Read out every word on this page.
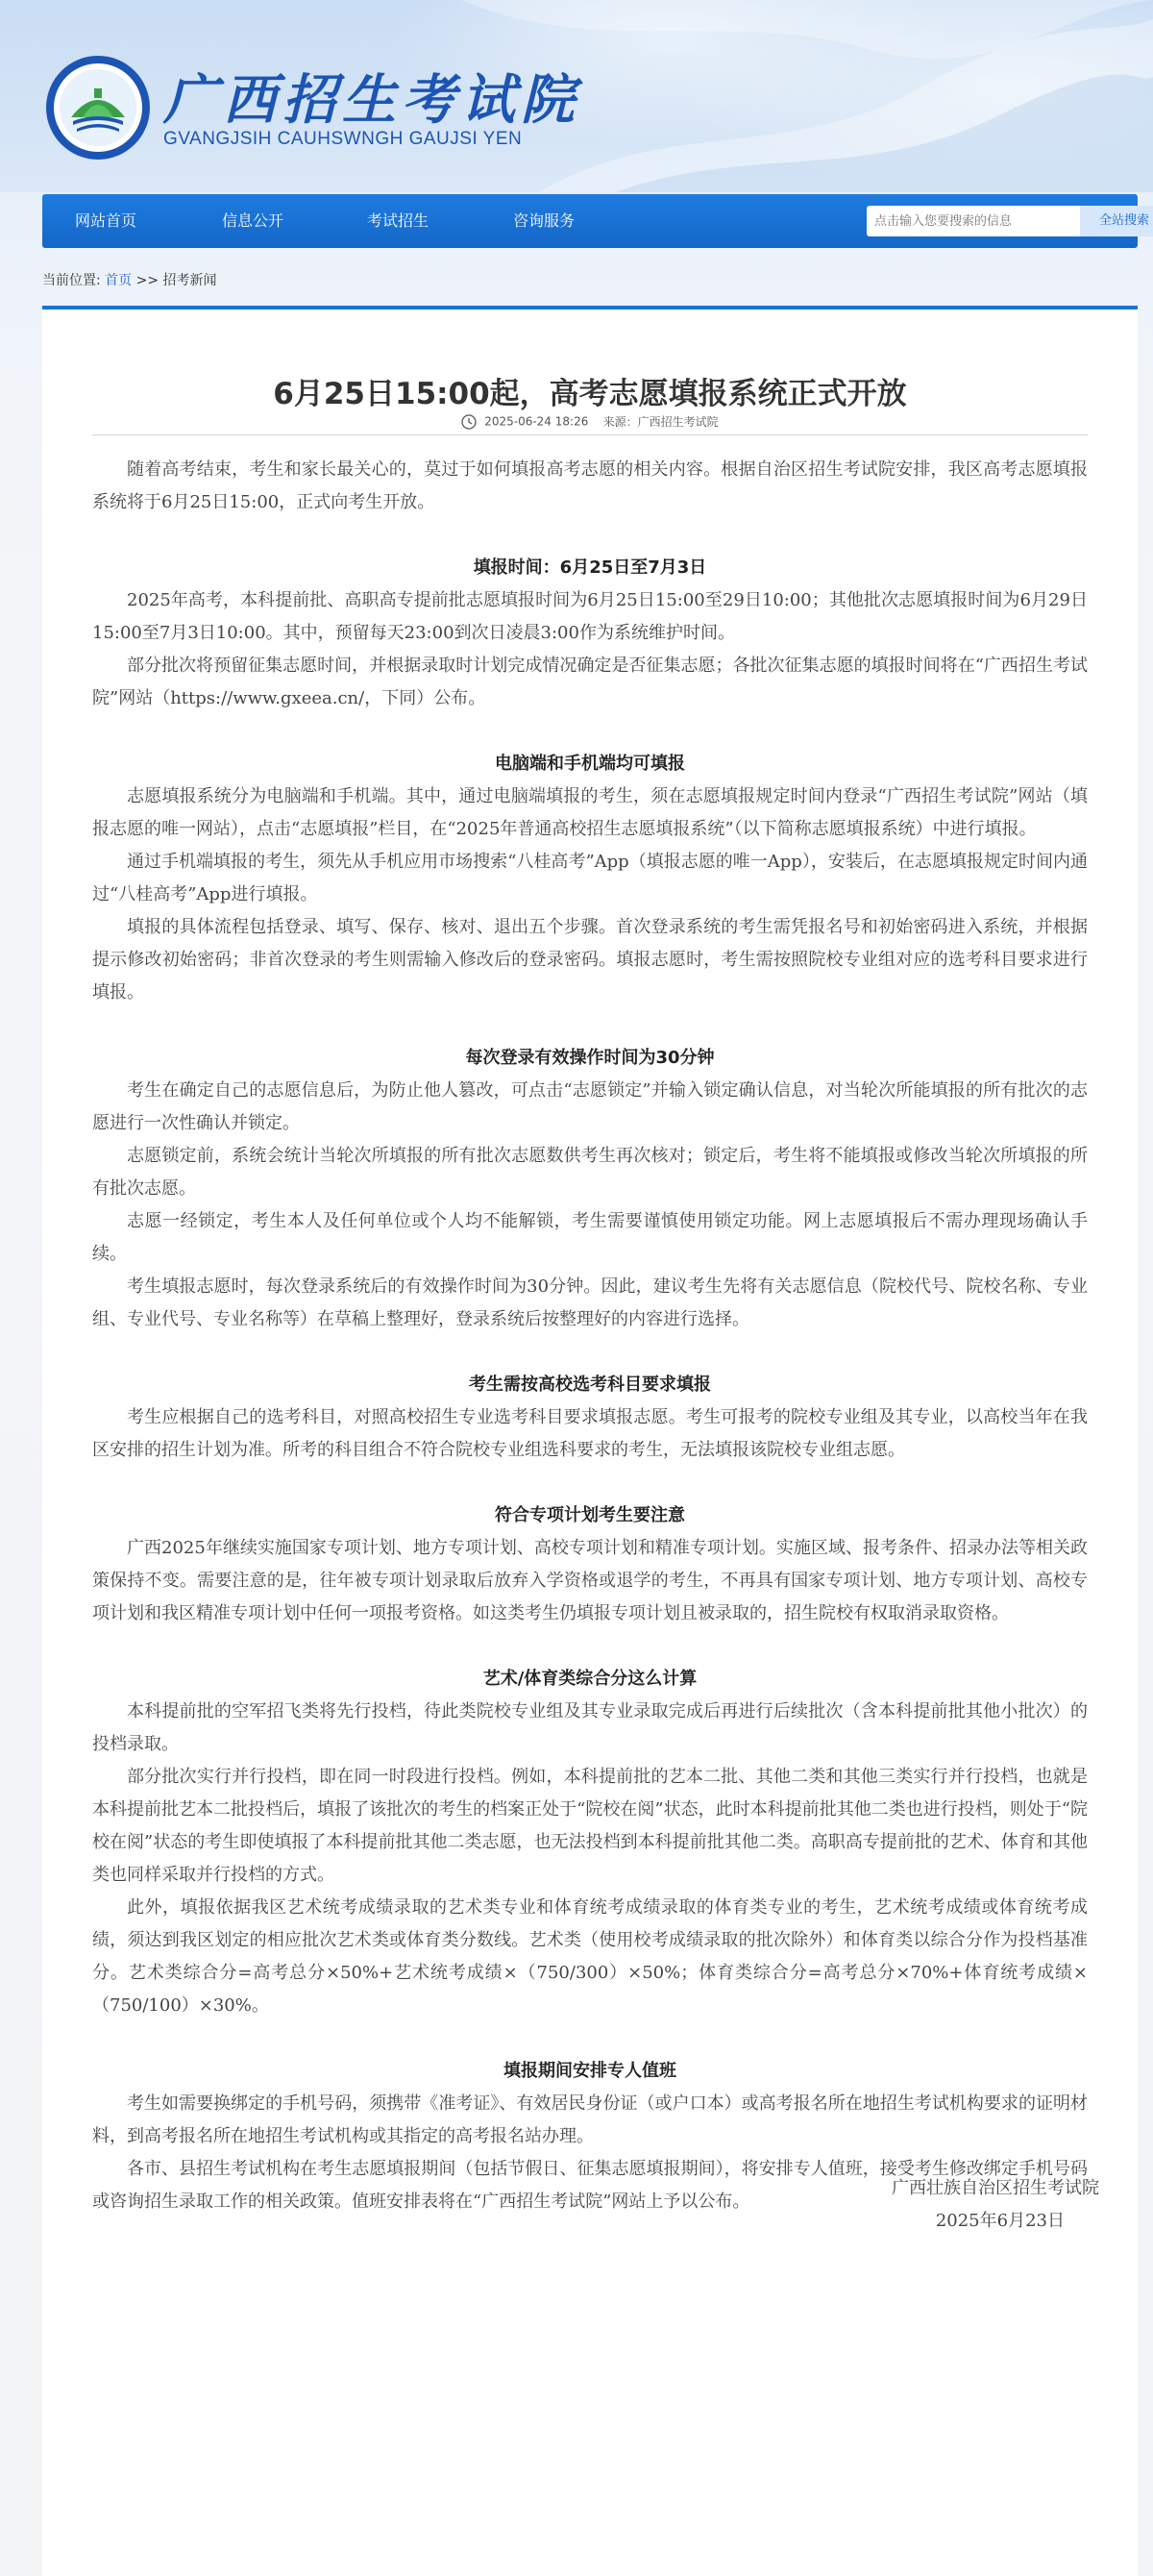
广西招生考试院
GVANGJSIH CAUHSWNGH GAUJSI YEN
网站首页	信息公开	考试招生	咨询服务
点击输入您要搜索的信息	全站搜索
当前位置: 首页 >> 招考新闻
6月25日15:00起，高考志愿填报系统正式开放
2025-06-24 18:26 来源：广西招生考试院
随着高考结束，考生和家长最关心的，莫过于如何填报高考志愿的相关内容。根据自治区招生考试院安排，我区高考志愿填报系统将于6月25日15:00，正式向考生开放。
填报时间：6月25日至7月3日
2025年高考，本科提前批、高职高专提前批志愿填报时间为6月25日15:00至29日10:00；其他批次志愿填报时间为6月29日15:00至7月3日10:00。其中，预留每天23:00到次日凌晨3:00作为系统维护时间。
部分批次将预留征集志愿时间，并根据录取时计划完成情况确定是否征集志愿；各批次征集志愿的填报时间将在“广西招生考试院”网站（https://www.gxeea.cn/，下同）公布。
电脑端和手机端均可填报
志愿填报系统分为电脑端和手机端。其中，通过电脑端填报的考生，须在志愿填报规定时间内登录“广西招生考试院”网站（填报志愿的唯一网站），点击“志愿填报”栏目，在“2025年普通高校招生志愿填报系统”（以下简称志愿填报系统）中进行填报。
通过手机端填报的考生，须先从手机应用市场搜索“八桂高考”App（填报志愿的唯一App），安装后，在志愿填报规定时间内通过“八桂高考”App进行填报。
填报的具体流程包括登录、填写、保存、核对、退出五个步骤。首次登录系统的考生需凭报名号和初始密码进入系统，并根据提示修改初始密码；非首次登录的考生则需输入修改后的登录密码。填报志愿时，考生需按照院校专业组对应的选考科目要求进行填报。
每次登录有效操作时间为30分钟
考生在确定自己的志愿信息后，为防止他人篡改，可点击“志愿锁定”并输入锁定确认信息，对当轮次所能填报的所有批次的志愿进行一次性确认并锁定。
志愿锁定前，系统会统计当轮次所填报的所有批次志愿数供考生再次核对；锁定后，考生将不能填报或修改当轮次所填报的所有批次志愿。
志愿一经锁定，考生本人及任何单位或个人均不能解锁，考生需要谨慎使用锁定功能。网上志愿填报后不需办理现场确认手续。
考生填报志愿时，每次登录系统后的有效操作时间为30分钟。因此，建议考生先将有关志愿信息（院校代号、院校名称、专业组、专业代号、专业名称等）在草稿上整理好，登录系统后按整理好的内容进行选择。
考生需按高校选考科目要求填报
考生应根据自己的选考科目，对照高校招生专业选考科目要求填报志愿。考生可报考的院校专业组及其专业，以高校当年在我区安排的招生计划为准。所考的科目组合不符合院校专业组选科要求的考生，无法填报该院校专业组志愿。
符合专项计划考生要注意
广西2025年继续实施国家专项计划、地方专项计划、高校专项计划和精准专项计划。实施区域、报考条件、招录办法等相关政策保持不变。需要注意的是，往年被专项计划录取后放弃入学资格或退学的考生，不再具有国家专项计划、地方专项计划、高校专项计划和我区精准专项计划中任何一项报考资格。如这类考生仍填报专项计划且被录取的，招生院校有权取消录取资格。
艺术/体育类综合分这么计算
本科提前批的空军招飞类将先行投档，待此类院校专业组及其专业录取完成后再进行后续批次（含本科提前批其他小批次）的投档录取。
部分批次实行并行投档，即在同一时段进行投档。例如，本科提前批的艺本二批、其他二类和其他三类实行并行投档，也就是本科提前批艺本二批投档后，填报了该批次的考生的档案正处于“院校在阅”状态，此时本科提前批其他二类也进行投档，则处于“院校在阅”状态的考生即使填报了本科提前批其他二类志愿，也无法投档到本科提前批其他二类。高职高专提前批的艺术、体育和其他类也同样采取并行投档的方式。
此外，填报依据我区艺术统考成绩录取的艺术类专业和体育统考成绩录取的体育类专业的考生，艺术统考成绩或体育统考成绩，须达到我区划定的相应批次艺术类或体育类分数线。艺术类（使用校考成绩录取的批次除外）和体育类以综合分作为投档基准分。艺术类综合分=高考总分×50%+艺术统考成绩×（750/300）×50%；体育类综合分=高考总分×70%+体育统考成绩×（750/100）×30%。
填报期间安排专人值班
考生如需要换绑定的手机号码，须携带《准考证》、有效居民身份证（或户口本）或高考报名所在地招生考试机构要求的证明材料，到高考报名所在地招生考试机构或其指定的高考报名站办理。
各市、县招生考试机构在考生志愿填报期间（包括节假日、征集志愿填报期间），将安排专人值班，接受考生修改绑定手机号码或咨询招生录取工作的相关政策。值班安排表将在“广西招生考试院”网站上予以公布。
广西壮族自治区招生考试院
2025年6月23日
